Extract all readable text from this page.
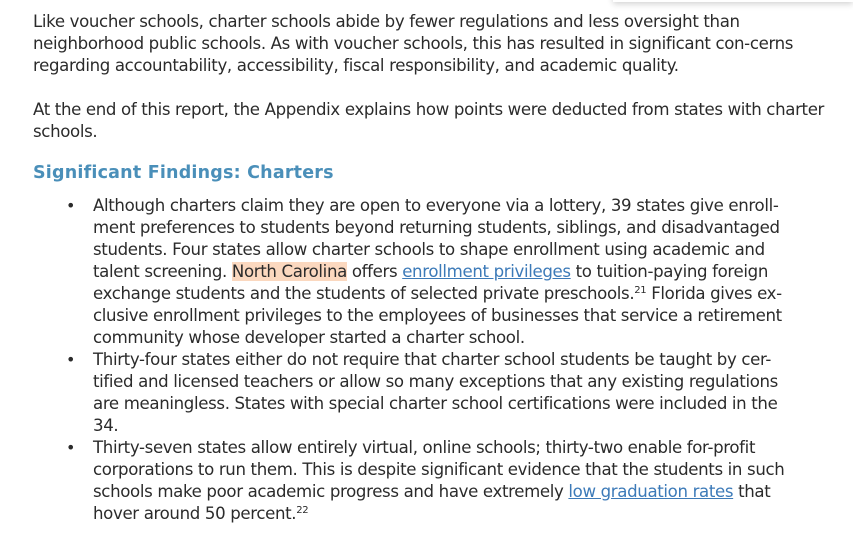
Like voucher schools, charter schools abide by fewer regulations and less oversight than neighborhood public schools. As with voucher schools, this has resulted in significant con-cerns regarding accountability, accessibility, fiscal responsibility, and academic quality.

At the end of this report, the Appendix explains how points were deducted from states with charter schools.

Significant Findings: Charters
• Although charters claim they are open to everyone via a lottery, 39 states give enroll-ment preferences to students beyond returning students, siblings, and disadvantaged students. Four states allow charter schools to shape enrollment using academic and talent screening. North Carolina offers enrollment privileges to tuition-paying foreign exchange students and the students of selected private preschools.$^{21}$ Florida gives ex-clusive enrollment privileges to the employees of businesses that service a retirement community whose developer started a charter school.
• Thirty-four states either do not require that charter school students be taught by cer-tified and licensed teachers or allow so many exceptions that any existing regulations are meaningless. States with special charter school certifications were included in the 34.
• Thirty-seven states allow entirely virtual, online schools; thirty-two enable for-profit corporations to run them. This is despite significant evidence that the students in such schools make poor academic progress and have extremely low graduation rates that hover around 50 percent.$^{22}$
